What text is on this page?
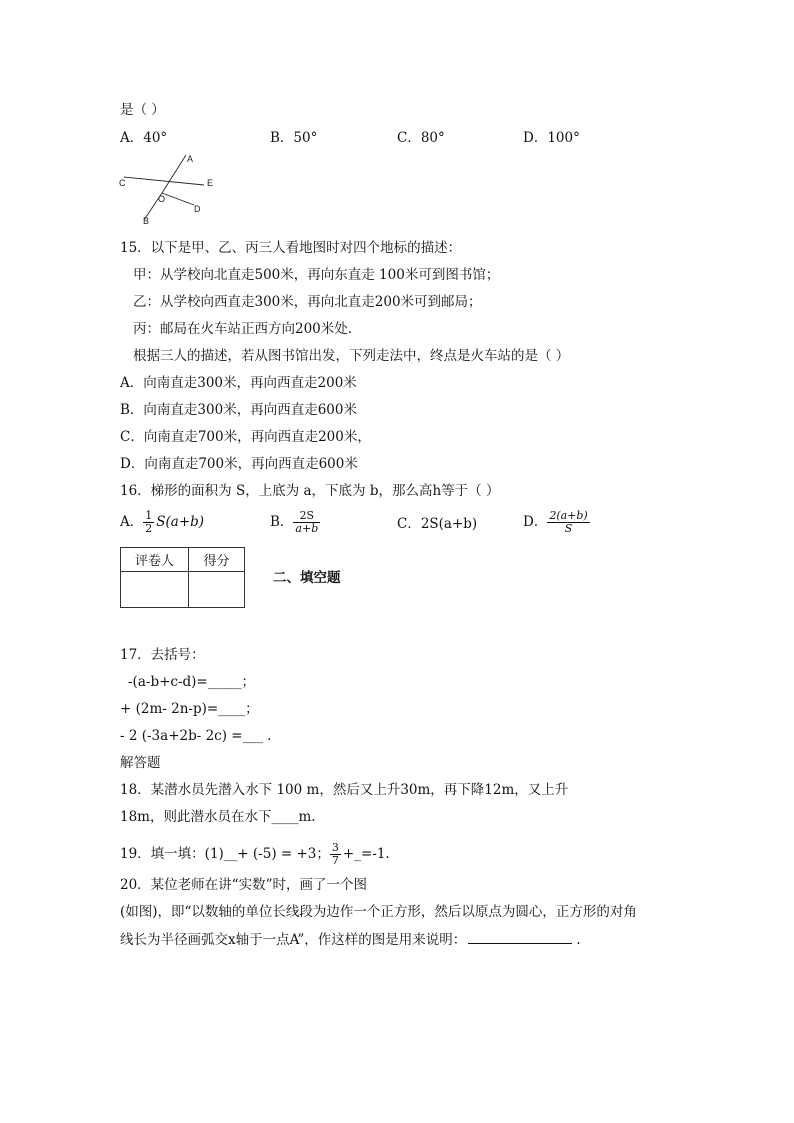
是（ ）
A．40°	B．50°	C．80°	D．100°
A
B
C
D
E
O
15．以下是甲、乙、丙三人看地图时对四个地标的描述：
甲：从学校向北直走500米，再向东直走 100米可到图书馆；
乙：从学校向西直走300米，再向北直走200米可到邮局；
丙：邮局在火车站正西方向200米处.
根据三人的描述，若从图书馆出发，下列走法中，终点是火车站的是（ ）
A．向南直走300米，再向西直走200米
B．向南直走300米，再向西直走600米
C．向南直走700米，再向西直走200米，
D．向南直走700米，再向西直走600米
16．梯形的面积为 S，上底为 a，下底为 b，那么高h等于（ ）
A． $\frac{1}{2} S(a+b)$	B． $\frac{2S}{a+b}$	C．2S(a+b)	D． $\frac{2(a+b)}{S}$
评卷人	得分

二、填空题
17．去括号：
-(a-b+c-d)=_____；
+ (2m- 2n-p)=____；
- 2 (-3a+2b- 2c) =___ .
解答题
18．某潜水员先潜入水下 100 m，然后又上升30m，再下降12m，又上升
18m，则此潜水员在水下____m.
19．填一填：(1)__+ (-5) = +3； $\frac{3}{7}$ +_=-1.
20．某位老师在讲“实数”时，画了一个图
(如图)，即“以数轴的单位长线段为边作一个正方形，然后以原点为圆心，正方形的对角
线长为半径画弧交x轴于一点A”，作这样的图是用来说明：	.
